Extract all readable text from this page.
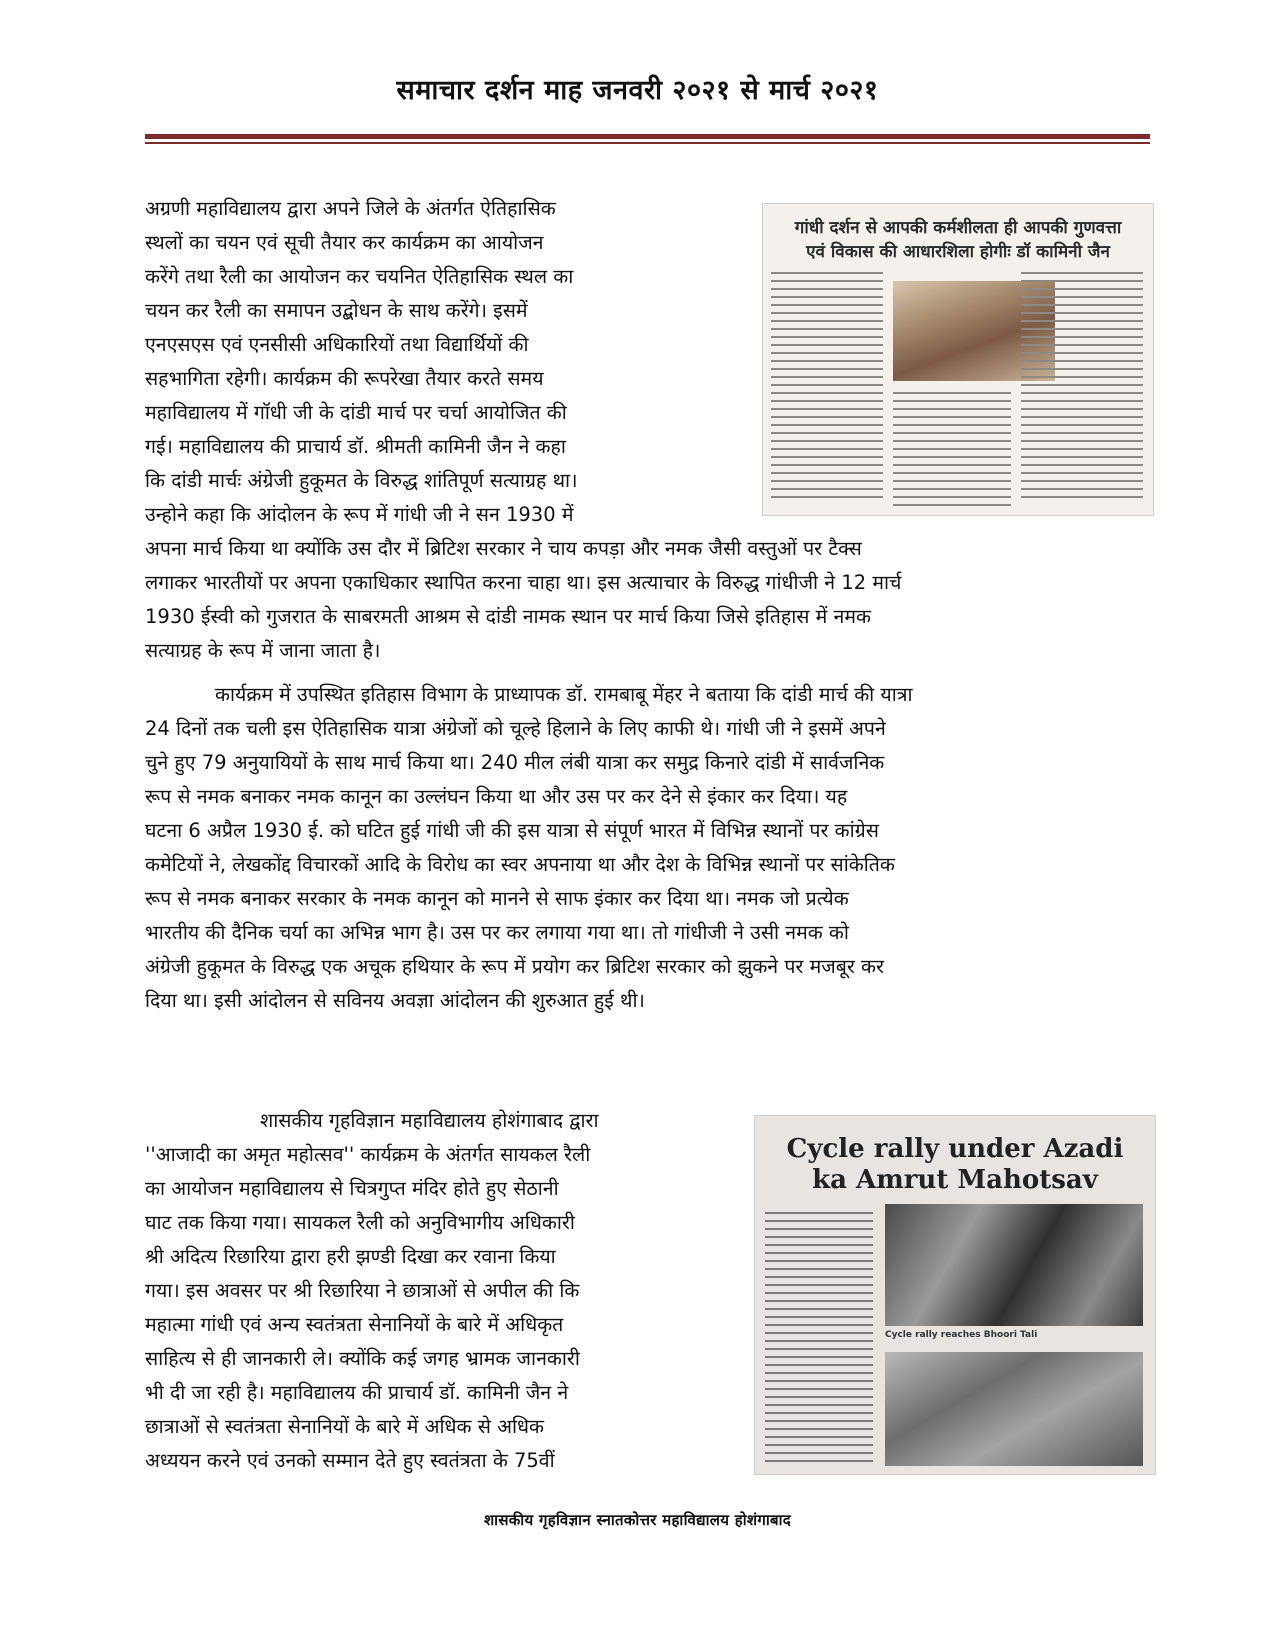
समाचार दर्शन माह जनवरी २०२१ से मार्च २०२१
अग्रणी महाविद्यालय द्वारा अपने जिले के अंतर्गत ऐतिहासिक
स्थलों का चयन एवं सूची तैयार कर कार्यक्रम का आयोजन
करेंगे तथा रैली का आयोजन कर चयनित ऐतिहासिक स्थल का
चयन कर रैली का समापन उद्बोधन के साथ करेंगे। इसमें
एनएसएस एवं एनसीसी अधिकारियों तथा विद्यार्थियों की
सहभागिता रहेगी। कार्यक्रम की रूपरेखा तैयार करते समय
महाविद्यालय में गॉधी जी के दांडी मार्च पर चर्चा आयोजित की
गई। महाविद्यालय की प्राचार्य डॉ. श्रीमती कामिनी जैन ने कहा
कि दांडी मार्चः अंग्रेजी हुकूमत के विरुद्ध शांतिपूर्ण सत्याग्रह था।
उन्होने कहा कि आंदोलन के रूप में गांधी जी ने सन 1930 में
अपना मार्च किया था क्योंकि उस दौर में ब्रिटिश सरकार ने चाय कपड़ा और नमक जैसी वस्तुओं पर टैक्स
लगाकर भारतीयों पर अपना एकाधिकार स्थापित करना चाहा था। इस अत्याचार के विरुद्ध गांधीजी ने 12 मार्च
1930 ईस्वी को गुजरात के साबरमती आश्रम से दांडी नामक स्थान पर मार्च किया जिसे इतिहास में नमक
सत्याग्रह के रूप में जाना जाता है।
गांधी दर्शन से आपकी कर्मशीलता ही आपकी गुणवत्ता
एवं विकास की आधारशिला होगीः डॉ कामिनी जैन
कार्यक्रम में उपस्थित इतिहास विभाग के प्राध्यापक डॉ. रामबाबू मेंहर ने बताया कि दांडी मार्च की यात्रा
24 दिनों तक चली इस ऐतिहासिक यात्रा अंग्रेजों को चूल्हे हिलाने के लिए काफी थे। गांधी जी ने इसमें अपने
चुने हुए 79 अनुयायियों के साथ मार्च किया था। 240 मील लंबी यात्रा कर समुद्र किनारे दांडी में सार्वजनिक
रूप से नमक बनाकर नमक कानून का उल्लंघन किया था और उस पर कर देने से इंकार कर दिया। यह
घटना 6 अप्रैल 1930 ई. को घटित हुई गांधी जी की इस यात्रा से संपूर्ण भारत में विभिन्न स्थानों पर कांग्रेस
कमेटियों ने, लेखकोंद्द विचारकों आदि के विरोध का स्वर अपनाया था और देश के विभिन्न स्थानों पर सांकेतिक
रूप से नमक बनाकर सरकार के नमक कानून को मानने से साफ इंकार कर दिया था। नमक जो प्रत्येक
भारतीय की दैनिक चर्या का अभिन्न भाग है। उस पर कर लगाया गया था। तो गांधीजी ने उसी नमक को
अंग्रेजी हुकूमत के विरुद्ध एक अचूक हथियार के रूप में प्रयोग कर ब्रिटिश सरकार को झुकने पर मजबूर कर
दिया था। इसी आंदोलन से सविनय अवज्ञा आंदोलन की शुरुआत हुई थी।
शासकीय गृहविज्ञान महाविद्यालय होशंगाबाद द्वारा
''आजादी का अमृत महोत्सव'' कार्यक्रम के अंतर्गत सायकल रैली
का आयोजन महाविद्यालय से चित्रगुप्त मंदिर होते हुए सेठानी
घाट तक किया गया। सायकल रैली को अनुविभागीय अधिकारी
श्री अदित्य रिछारिया द्वारा हरी झण्डी दिखा कर रवाना किया
गया। इस अवसर पर श्री रिछारिया ने छात्राओं से अपील की कि
महात्मा गांधी एवं अन्य स्वतंत्रता सेनानियों के बारे में अधिकृत
साहित्य से ही जानकारी ले। क्योंकि कई जगह भ्रामक जानकारी
भी दी जा रही है। महाविद्यालय की प्राचार्य डॉ. कामिनी जैन ने
छात्राओं से स्वतंत्रता सेनानियों के बारे में अधिक से अधिक
अध्ययन करने एवं उनको सम्मान देते हुए स्वतंत्रता के 75वीं
Cycle rally under Azadi
ka Amrut Mahotsav
Cycle rally reaches Bhoori Tali
शासकीय गृहविज्ञान स्नातकोत्तर महाविद्यालय होशंगाबाद
